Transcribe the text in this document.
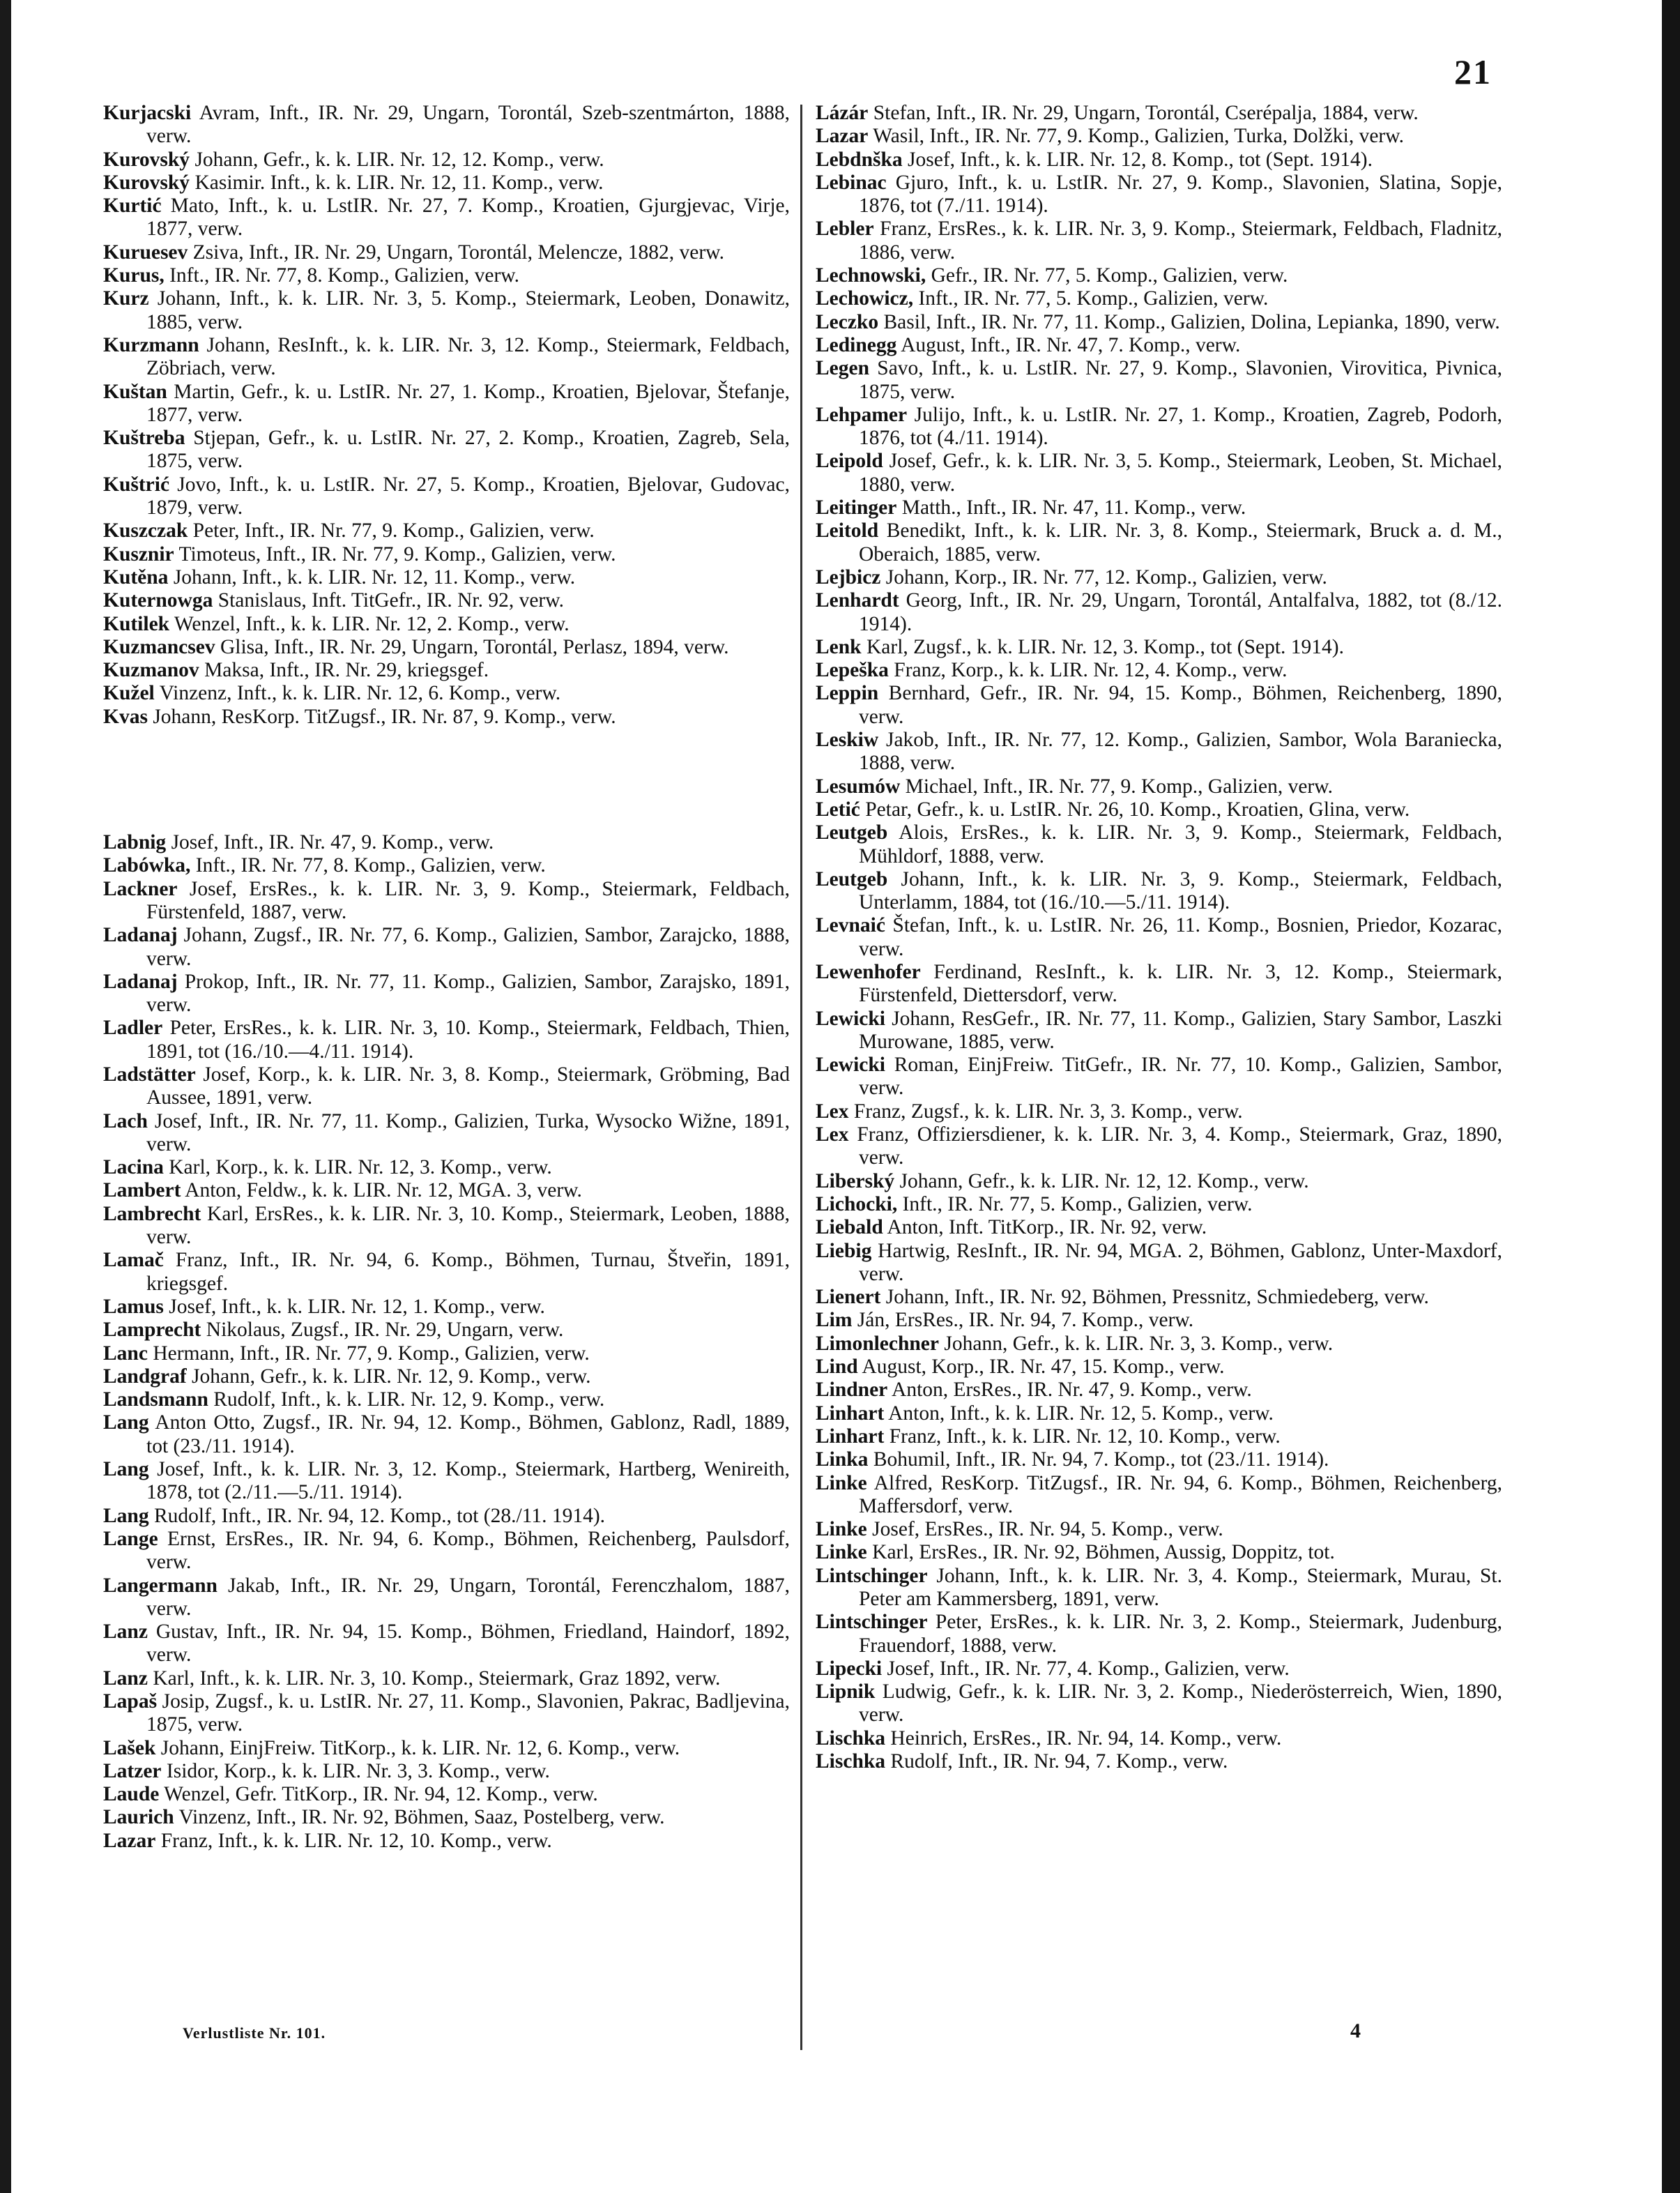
21

Kurjacski Avram, Inft., IR. Nr. 29, Ungarn, Torontál, Szeb-szentmárton, 1888, verw.

Kurovský Johann, Gefr., k. k. LIR. Nr. 12, 12. Komp., verw.

Kurovský Kasimir. Inft., k. k. LIR. Nr. 12, 11. Komp., verw.

Kurtić Mato, Inft., k. u. LstIR. Nr. 27, 7. Komp., Kroatien, Gjurgjevac, Virje, 1877, verw.

Kuruesev Zsiva, Inft., IR. Nr. 29, Ungarn, Torontál, Melencze, 1882, verw.

Kurus, Inft., IR. Nr. 77, 8. Komp., Galizien, verw.

Kurz Johann, Inft., k. k. LIR. Nr. 3, 5. Komp., Steiermark, Leoben, Donawitz, 1885, verw.

Kurzmann Johann, ResInft., k. k. LIR. Nr. 3, 12. Komp., Steiermark, Feldbach, Zöbriach, verw.

Kuštan Martin, Gefr., k. u. LstIR. Nr. 27, 1. Komp., Kroatien, Bjelovar, Štefanje, 1877, verw.

Kuštreba Stjepan, Gefr., k. u. LstIR. Nr. 27, 2. Komp., Kroatien, Zagreb, Sela, 1875, verw.

Kuštrić Jovo, Inft., k. u. LstIR. Nr. 27, 5. Komp., Kroatien, Bjelovar, Gudovac, 1879, verw.

Kuszczak Peter, Inft., IR. Nr. 77, 9. Komp., Galizien, verw.

Kusznir Timoteus, Inft., IR. Nr. 77, 9. Komp., Galizien, verw.

Kutěna Johann, Inft., k. k. LIR. Nr. 12, 11. Komp., verw.

Kuternowga Stanislaus, Inft. TitGefr., IR. Nr. 92, verw.

Kutilek Wenzel, Inft., k. k. LIR. Nr. 12, 2. Komp., verw.

Kuzmancsev Glisa, Inft., IR. Nr. 29, Ungarn, Torontál, Perlasz, 1894, verw.

Kuzmanov Maksa, Inft., IR. Nr. 29, kriegsgef.

Kužel Vinzenz, Inft., k. k. LIR. Nr. 12, 6. Komp., verw.

Kvas Johann, ResKorp. TitZugsf., IR. Nr. 87, 9. Komp., verw.

Labnig Josef, Inft., IR. Nr. 47, 9. Komp., verw.

Labówka, Inft., IR. Nr. 77, 8. Komp., Galizien, verw.

Lackner Josef, ErsRes., k. k. LIR. Nr. 3, 9. Komp., Steiermark, Feldbach, Fürstenfeld, 1887, verw.

Ladanaj Johann, Zugsf., IR. Nr. 77, 6. Komp., Galizien, Sambor, Zarajcko, 1888, verw.

Ladanaj Prokop, Inft., IR. Nr. 77, 11. Komp., Galizien, Sambor, Zarajsko, 1891, verw.

Ladler Peter, ErsRes., k. k. LIR. Nr. 3, 10. Komp., Steiermark, Feldbach, Thien, 1891, tot (16./10.—4./11. 1914).

Ladstätter Josef, Korp., k. k. LIR. Nr. 3, 8. Komp., Steiermark, Gröbming, Bad Aussee, 1891, verw.

Lach Josef, Inft., IR. Nr. 77, 11. Komp., Galizien, Turka, Wysocko Wižne, 1891, verw.

Lacina Karl, Korp., k. k. LIR. Nr. 12, 3. Komp., verw.

Lambert Anton, Feldw., k. k. LIR. Nr. 12, MGA. 3, verw.

Lambrecht Karl, ErsRes., k. k. LIR. Nr. 3, 10. Komp., Steiermark, Leoben, 1888, verw.

Lamač Franz, Inft., IR. Nr. 94, 6. Komp., Böhmen, Turnau, Štveřin, 1891, kriegsgef.

Lamus Josef, Inft., k. k. LIR. Nr. 12, 1. Komp., verw.

Lamprecht Nikolaus, Zugsf., IR. Nr. 29, Ungarn, verw.

Lanc Hermann, Inft., IR. Nr. 77, 9. Komp., Galizien, verw.

Landgraf Johann, Gefr., k. k. LIR. Nr. 12, 9. Komp., verw.

Landsmann Rudolf, Inft., k. k. LIR. Nr. 12, 9. Komp., verw.

Lang Anton Otto, Zugsf., IR. Nr. 94, 12. Komp., Böhmen, Gablonz, Radl, 1889, tot (23./11. 1914).

Lang Josef, Inft., k. k. LIR. Nr. 3, 12. Komp., Steiermark, Hartberg, Wenireith, 1878, tot (2./11.—5./11. 1914).

Lang Rudolf, Inft., IR. Nr. 94, 12. Komp., tot (28./11. 1914).

Lange Ernst, ErsRes., IR. Nr. 94, 6. Komp., Böhmen, Reichenberg, Paulsdorf, verw.

Langermann Jakab, Inft., IR. Nr. 29, Ungarn, Torontál, Ferenczhalom, 1887, verw.

Lanz Gustav, Inft., IR. Nr. 94, 15. Komp., Böhmen, Friedland, Haindorf, 1892, verw.

Lanz Karl, Inft., k. k. LIR. Nr. 3, 10. Komp., Steiermark, Graz 1892, verw.

Lapaš Josip, Zugsf., k. u. LstIR. Nr. 27, 11. Komp., Slavonien, Pakrac, Badljevina, 1875, verw.

Lašek Johann, EinjFreiw. TitKorp., k. k. LIR. Nr. 12, 6. Komp., verw.

Latzer Isidor, Korp., k. k. LIR. Nr. 3, 3. Komp., verw.

Laude Wenzel, Gefr. TitKorp., IR. Nr. 94, 12. Komp., verw.

Laurich Vinzenz, Inft., IR. Nr. 92, Böhmen, Saaz, Postelberg, verw.

Lazar Franz, Inft., k. k. LIR. Nr. 12, 10. Komp., verw.

Lázár Stefan, Inft., IR. Nr. 29, Ungarn, Torontál, Cserépalja, 1884, verw.

Lazar Wasil, Inft., IR. Nr. 77, 9. Komp., Galizien, Turka, Dolžki, verw.

Lebdnška Josef, Inft., k. k. LIR. Nr. 12, 8. Komp., tot (Sept. 1914).

Lebinac Gjuro, Inft., k. u. LstIR. Nr. 27, 9. Komp., Slavonien, Slatina, Sopje, 1876, tot (7./11. 1914).

Lebler Franz, ErsRes., k. k. LIR. Nr. 3, 9. Komp., Steiermark, Feldbach, Fladnitz, 1886, verw.

Lechnowski, Gefr., IR. Nr. 77, 5. Komp., Galizien, verw.

Lechowicz, Inft., IR. Nr. 77, 5. Komp., Galizien, verw.

Leczko Basil, Inft., IR. Nr. 77, 11. Komp., Galizien, Dolina, Lepianka, 1890, verw.

Ledinegg August, Inft., IR. Nr. 47, 7. Komp., verw.

Legen Savo, Inft., k. u. LstIR. Nr. 27, 9. Komp., Slavonien, Virovitica, Pivnica, 1875, verw.

Lehpamer Julijo, Inft., k. u. LstIR. Nr. 27, 1. Komp., Kroatien, Zagreb, Podorh, 1876, tot (4./11. 1914).

Leipold Josef, Gefr., k. k. LIR. Nr. 3, 5. Komp., Steiermark, Leoben, St. Michael, 1880, verw.

Leitinger Matth., Inft., IR. Nr. 47, 11. Komp., verw.

Leitold Benedikt, Inft., k. k. LIR. Nr. 3, 8. Komp., Steiermark, Bruck a. d. M., Oberaich, 1885, verw.

Lejbicz Johann, Korp., IR. Nr. 77, 12. Komp., Galizien, verw.

Lenhardt Georg, Inft., IR. Nr. 29, Ungarn, Torontál, Antalfalva, 1882, tot (8./12. 1914).

Lenk Karl, Zugsf., k. k. LIR. Nr. 12, 3. Komp., tot (Sept. 1914).

Lepeška Franz, Korp., k. k. LIR. Nr. 12, 4. Komp., verw.

Leppin Bernhard, Gefr., IR. Nr. 94, 15. Komp., Böhmen, Reichenberg, 1890, verw.

Leskiw Jakob, Inft., IR. Nr. 77, 12. Komp., Galizien, Sambor, Wola Baraniecka, 1888, verw.

Lesumów Michael, Inft., IR. Nr. 77, 9. Komp., Galizien, verw.

Letić Petar, Gefr., k. u. LstIR. Nr. 26, 10. Komp., Kroatien, Glina, verw.

Leutgeb Alois, ErsRes., k. k. LIR. Nr. 3, 9. Komp., Steiermark, Feldbach, Mühldorf, 1888, verw.

Leutgeb Johann, Inft., k. k. LIR. Nr. 3, 9. Komp., Steiermark, Feldbach, Unterlamm, 1884, tot (16./10.—5./11. 1914).

Levnaić Štefan, Inft., k. u. LstIR. Nr. 26, 11. Komp., Bosnien, Priedor, Kozarac, verw.

Lewenhofer Ferdinand, ResInft., k. k. LIR. Nr. 3, 12. Komp., Steiermark, Fürstenfeld, Diettersdorf, verw.

Lewicki Johann, ResGefr., IR. Nr. 77, 11. Komp., Galizien, Stary Sambor, Laszki Murowane, 1885, verw.

Lewicki Roman, EinjFreiw. TitGefr., IR. Nr. 77, 10. Komp., Galizien, Sambor, verw.

Lex Franz, Zugsf., k. k. LIR. Nr. 3, 3. Komp., verw.

Lex Franz, Offiziersdiener, k. k. LIR. Nr. 3, 4. Komp., Steiermark, Graz, 1890, verw.

Liberský Johann, Gefr., k. k. LIR. Nr. 12, 12. Komp., verw.

Lichocki, Inft., IR. Nr. 77, 5. Komp., Galizien, verw.

Liebald Anton, Inft. TitKorp., IR. Nr. 92, verw.

Liebig Hartwig, ResInft., IR. Nr. 94, MGA. 2, Böhmen, Gablonz, Unter-Maxdorf, verw.

Lienert Johann, Inft., IR. Nr. 92, Böhmen, Pressnitz, Schmiedeberg, verw.

Lim Ján, ErsRes., IR. Nr. 94, 7. Komp., verw.

Limonlechner Johann, Gefr., k. k. LIR. Nr. 3, 3. Komp., verw.

Lind August, Korp., IR. Nr. 47, 15. Komp., verw.

Lindner Anton, ErsRes., IR. Nr. 47, 9. Komp., verw.

Linhart Anton, Inft., k. k. LIR. Nr. 12, 5. Komp., verw.

Linhart Franz, Inft., k. k. LIR. Nr. 12, 10. Komp., verw.

Linka Bohumil, Inft., IR. Nr. 94, 7. Komp., tot (23./11. 1914).

Linke Alfred, ResKorp. TitZugsf., IR. Nr. 94, 6. Komp., Böhmen, Reichenberg, Maffersdorf, verw.

Linke Josef, ErsRes., IR. Nr. 94, 5. Komp., verw.

Linke Karl, ErsRes., IR. Nr. 92, Böhmen, Aussig, Doppitz, tot.

Lintschinger Johann, Inft., k. k. LIR. Nr. 3, 4. Komp., Steiermark, Murau, St. Peter am Kammersberg, 1891, verw.

Lintschinger Peter, ErsRes., k. k. LIR. Nr. 3, 2. Komp., Steiermark, Judenburg, Frauendorf, 1888, verw.

Lipecki Josef, Inft., IR. Nr. 77, 4. Komp., Galizien, verw.

Lipnik Ludwig, Gefr., k. k. LIR. Nr. 3, 2. Komp., Niederösterreich, Wien, 1890, verw.

Lischka Heinrich, ErsRes., IR. Nr. 94, 14. Komp., verw.

Lischka Rudolf, Inft., IR. Nr. 94, 7. Komp., verw.

Verlustliste Nr. 101.	4
